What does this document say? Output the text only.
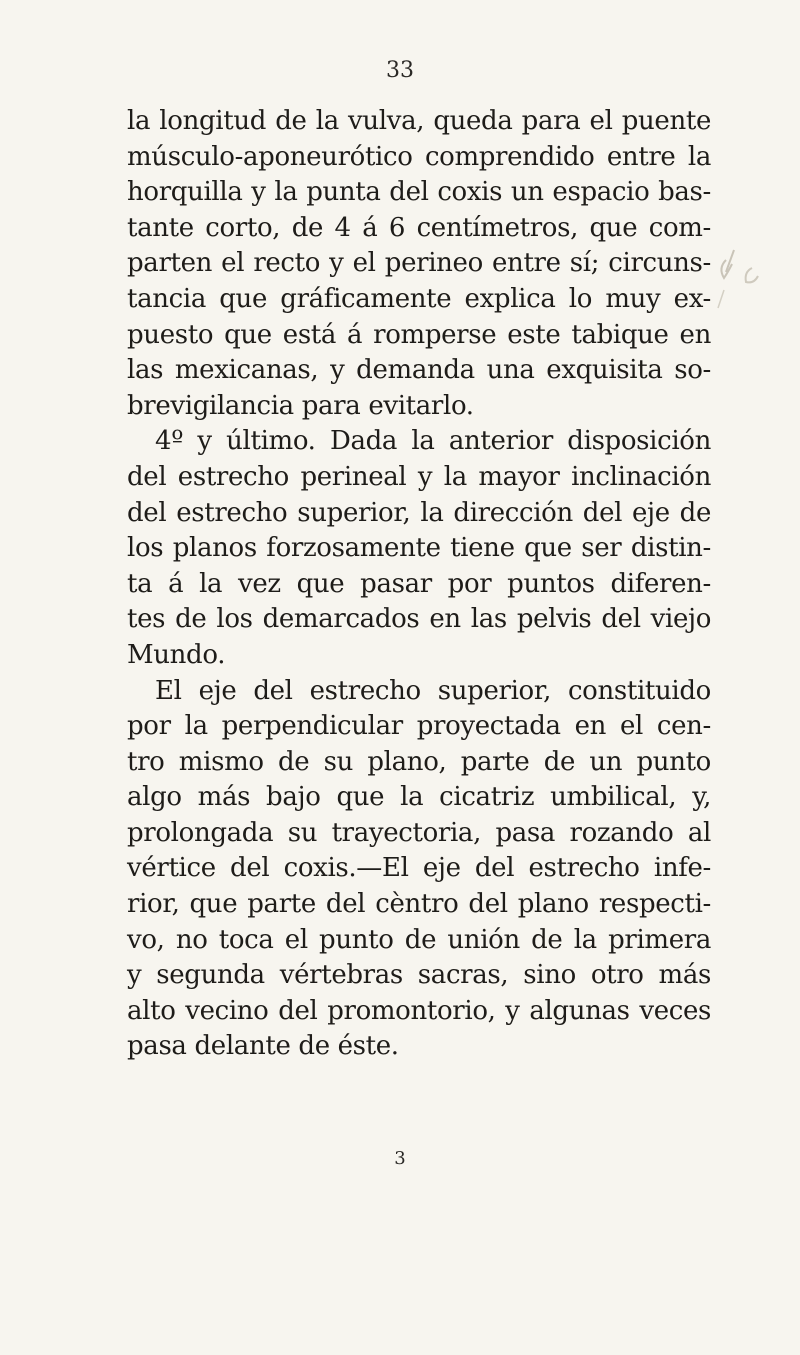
33
la longitud de la vulva, queda para el puente
músculo-aponeurótico comprendido entre la
horquilla y la punta del coxis un espacio bas-
tante corto, de 4 á 6 centímetros, que com-
parten el recto y el perineo entre sí; circuns-
tancia que gráficamente explica lo muy ex-
puesto que está á romperse este tabique en
las mexicanas, y demanda una exquisita so-
brevigilancia para evitarlo.
4º y último. Dada la anterior disposición
del estrecho perineal y la mayor inclinación
del estrecho superior, la dirección del eje de
los planos forzosamente tiene que ser distin-
ta á la vez que pasar por puntos diferen-
tes de los demarcados en las pelvis del viejo
Mundo.
El eje del estrecho superior, constituido
por la perpendicular proyectada en el cen-
tro mismo de su plano, parte de un punto
algo más bajo que la cicatriz umbilical, y,
prolongada su trayectoria, pasa rozando al
vértice del coxis.—El eje del estrecho infe-
rior, que parte del cèntro del plano respecti-
vo, no toca el punto de unión de la primera
y segunda vértebras sacras, sino otro más
alto vecino del promontorio, y algunas veces
pasa delante de éste.
3
